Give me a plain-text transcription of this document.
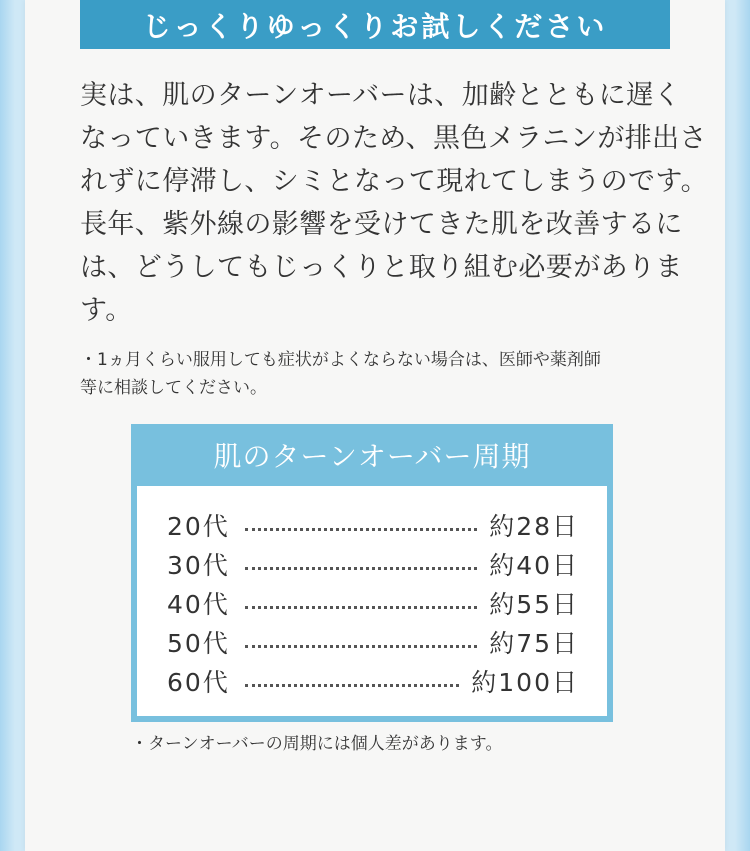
じっくりゆっくりお試しください
実は、肌のターンオーバーは、加齢とともに遅く
なっていきます。そのため、黒色メラニンが排出さ
れずに停滞し、シミとなって現れてしまうのです。
長年、紫外線の影響を受けてきた肌を改善するに
は、どうしてもじっくりと取り組む必要がありま
す。
・1ヵ月くらい服用しても症状がよくならない場合は、医師や薬剤師
等に相談してください。
肌のターンオーバー周期
20代	約28日
30代	約40日
40代	約55日
50代	約75日
60代	約100日
・ターンオーバーの周期には個人差があります。
